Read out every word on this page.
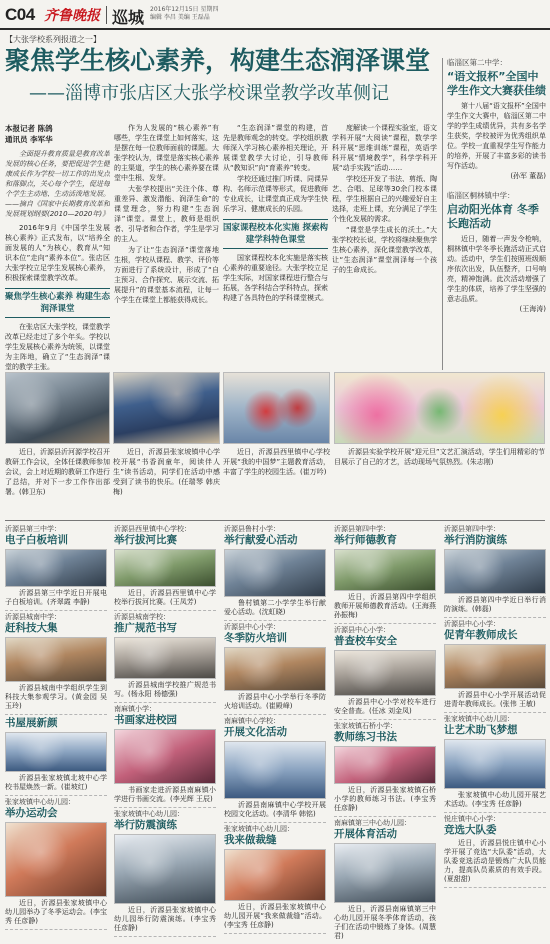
C04 齐鲁晚报 巡城 2016年12月15日 星期四
编辑 李昌 美编 王磊晶
【大张学校系列报道之一】
聚焦学生核心素养，构建生态润泽课堂
——淄博市张店区大张学校课堂教学改革侧记
本报记者 陈鸽
通讯员 李军华

全面提升教育质量是教育改革发展的核心任务，要把促进学生健康成长作为学校一切工作的出发点和落脚点，关心每个学生，促进每个学生主动地、生动活泼地发展。——摘自《国家中长期教育改革和发展规划纲要(2010—2020年)》

2016年9月《中国学生发展核心素养》正式发布，以“培养全面发展的人”为核心，教育从“知识本位”走向“素养本位”。张店区大张学校立足学生发展核心素养，积极探索课堂教学改革。

聚焦学生核心素养 构建生态润泽课堂

在张店区大张学校，课堂教学改革已经走过了多个年头。学校以学生发展核心素养为统领，以课堂为主阵地，确立了“生态润泽”课堂的教学主张。

作为人发展的“核心素养”有哪些，学生在课堂上如何落实，这是摆在每一位教师面前的课题。大张学校认为，课堂是落实核心素养的主渠道，学生的核心素养要在课堂中生根、发芽。

大张学校提出“关注个体、尊重差异、激发潜能、润泽生命”的课堂理念，努力构建“生态润泽”课堂。课堂上，教师是组织者、引导者和合作者，学生是学习的主人。

为了让“生态润泽”课堂落地生根，学校从课程、教学、评价等方面进行了系统设计，形成了“自主预习、合作探究、展示交流、拓展提升”的课堂基本流程，让每一个学生在课堂上都能获得成长。

“生态润泽”课堂的构建，首先是教师观念的转变。学校组织教师深入学习核心素养相关理论，开展课堂教学大讨论，引导教师从“教知识”向“育素养”转变。

学校还通过推门听课、同课异构、名师示范课等形式，促进教师专业成长，让课堂真正成为学生快乐学习、健康成长的乐园。

国家课程校本化实施 探索构建学科特色课堂

国家课程校本化实施是落实核心素养的重要途径。大张学校立足学生实际，对国家课程进行整合与拓展，各学科结合学科特点，探索构建了各具特色的学科课堂模式。

度解读一个课程实验室，语文学科开展“大阅读”课程，数学学科开展“思维训练”课程，英语学科开展“情境教学”，科学学科开展“动手实践”活动……

学校还开发了书法、剪纸、陶艺、合唱、足球等30余门校本课程，学生根据自己的兴趣爱好自主选择，走班上课，充分满足了学生个性化发展的需求。

“课堂是学生成长的沃土。”大张学校校长说，学校将继续聚焦学生核心素养，深化课堂教学改革，让“生态润泽”课堂润泽每一个孩子的生命成长。

临淄区第二中学：
“语文报杯”全国中学生作文大赛获佳绩
第十八届“语文报杯”全国中学生作文大赛中，临淄区第二中学的学生成绩优异，共有多名学生获奖，学校被评为优秀组织单位。学校一直重视学生写作能力的培养，开展了丰富多彩的读书写作活动。
(孙军 董磊)
临淄区桐林镇中学：
启动阳光体育 冬季长跑活动
近日，随着一声发令枪响，桐林镇中学冬季长跑活动正式启动。活动中，学生们按照班级顺序依次出发，队伍整齐，口号响亮，精神饱满。此次活动增强了学生的体质，培养了学生坚强的意志品质。
(王海涛)
近日，沂源县沂河源学校召开教研工作会议，全体任课教师参加会议，会上对近期的教研工作进行了总结，并对下一步工作作出部署。(韩卫东)
近日，沂源县张家坡镇中心学校开展“书香润童年，阅读伴人生”读书活动，同学们在活动中感受到了读书的快乐。(任瑞琴 韩庆梅)
近日，沂源县西里镇中心学校开展“我的中国梦”主题教育活动，丰富了学生的校园生活。(崔万吟)
沂源县实验学校开展“迎元旦”文艺汇演活动，学生们用精彩的节目展示了自己的才艺，活动现场气氛热烈。(朱志刚)
沂源县第三中学：
电子白板培训
沂源县第三中学近日开展电子白板培训。(齐翠霞 李静)
沂源县城南中学：
赶科技大集
沂源县城南中学组织学生到科技大集参观学习。(黄金园 吴玉玲)
书屋展新颜
沂源县张家坡镇北坡中心学校书屋焕然一新。(崔坡红)
张家坡镇中心幼儿园：
举办运动会
近日，沂源县张家坡镇中心幼儿园举办了冬季运动会。(李宝秀 任彦静)
沂源县西里镇中心学校：
举行拔河比赛
近日，沂源县西里镇中心学校举行拔河比赛。(王凤芳)
沂源县城南学校：
推广规范书写
沂源县城南学校推广规范书写。(杨永阳 杨德强)
南麻镇小学：
书画家进校园
书画家走进沂源县南麻镇小学进行书画交流。(李光辉 王辰)
张家坡镇中心幼儿园：
举行防震演练
近日，沂源县张家坡镇中心幼儿园举行防震演练。(李宝秀 任彦静)
沂源县鲁村小学：
举行献爱心活动
鲁村镇第二小学学生举行献爱心活动。(沈虹晓)
沂源县中心小学：
冬季防火培训
沂源县中心小学举行冬季防火培训活动。(崔殿峰)
南麻镇中心学校：
开展文化活动
沂源县南麻镇中心学校开展校园文化活动。(李清华 韩铭)
张家坡镇中心幼儿园：
我来做裁缝
近日，沂源县张家坡镇中心幼儿园开展“我来做裁缝”活动。(李宝秀 任彦静)
沂源县第四中学：
举行师德教育
近日，沂源县第四中学组织教师开展师德教育活动。(王海燕 孙振梅)
沂源县中心小学：
普查校车安全
沂源县中心小学对校车进行安全普查。(任冰 刘金凤)
张家坡镇石桥小学：
教师练习书法
近日，沂源县张家坡镇石桥小学的教师练习书法。(李宝秀 任彦静)
南麻镇第三中心幼儿园：
开展体育活动
近日，沂源县南麻镇第三中心幼儿园开展冬季体育活动，孩子们在活动中锻炼了身体。(周慧君)
沂源县第四中学：
举行消防演练
沂源县第四中学近日举行消防演练。(韩磊)
沂源县中心小学：
促青年教师成长
沂源县中心小学开展活动促进青年教师成长。(张伟 王敏)
张家坡镇中心幼儿园：
让艺术助飞梦想
张家坡镇中心幼儿园开展艺术活动。(李宝秀 任彦静)
悦庄镇中心小学：
竞选大队委
近日，沂源县悦庄镇中心小学开展了竞选“大队委”活动，大队委竞选活动是锻炼广大队员能力，提高队员素质的有效手段。(夏甜甜)
